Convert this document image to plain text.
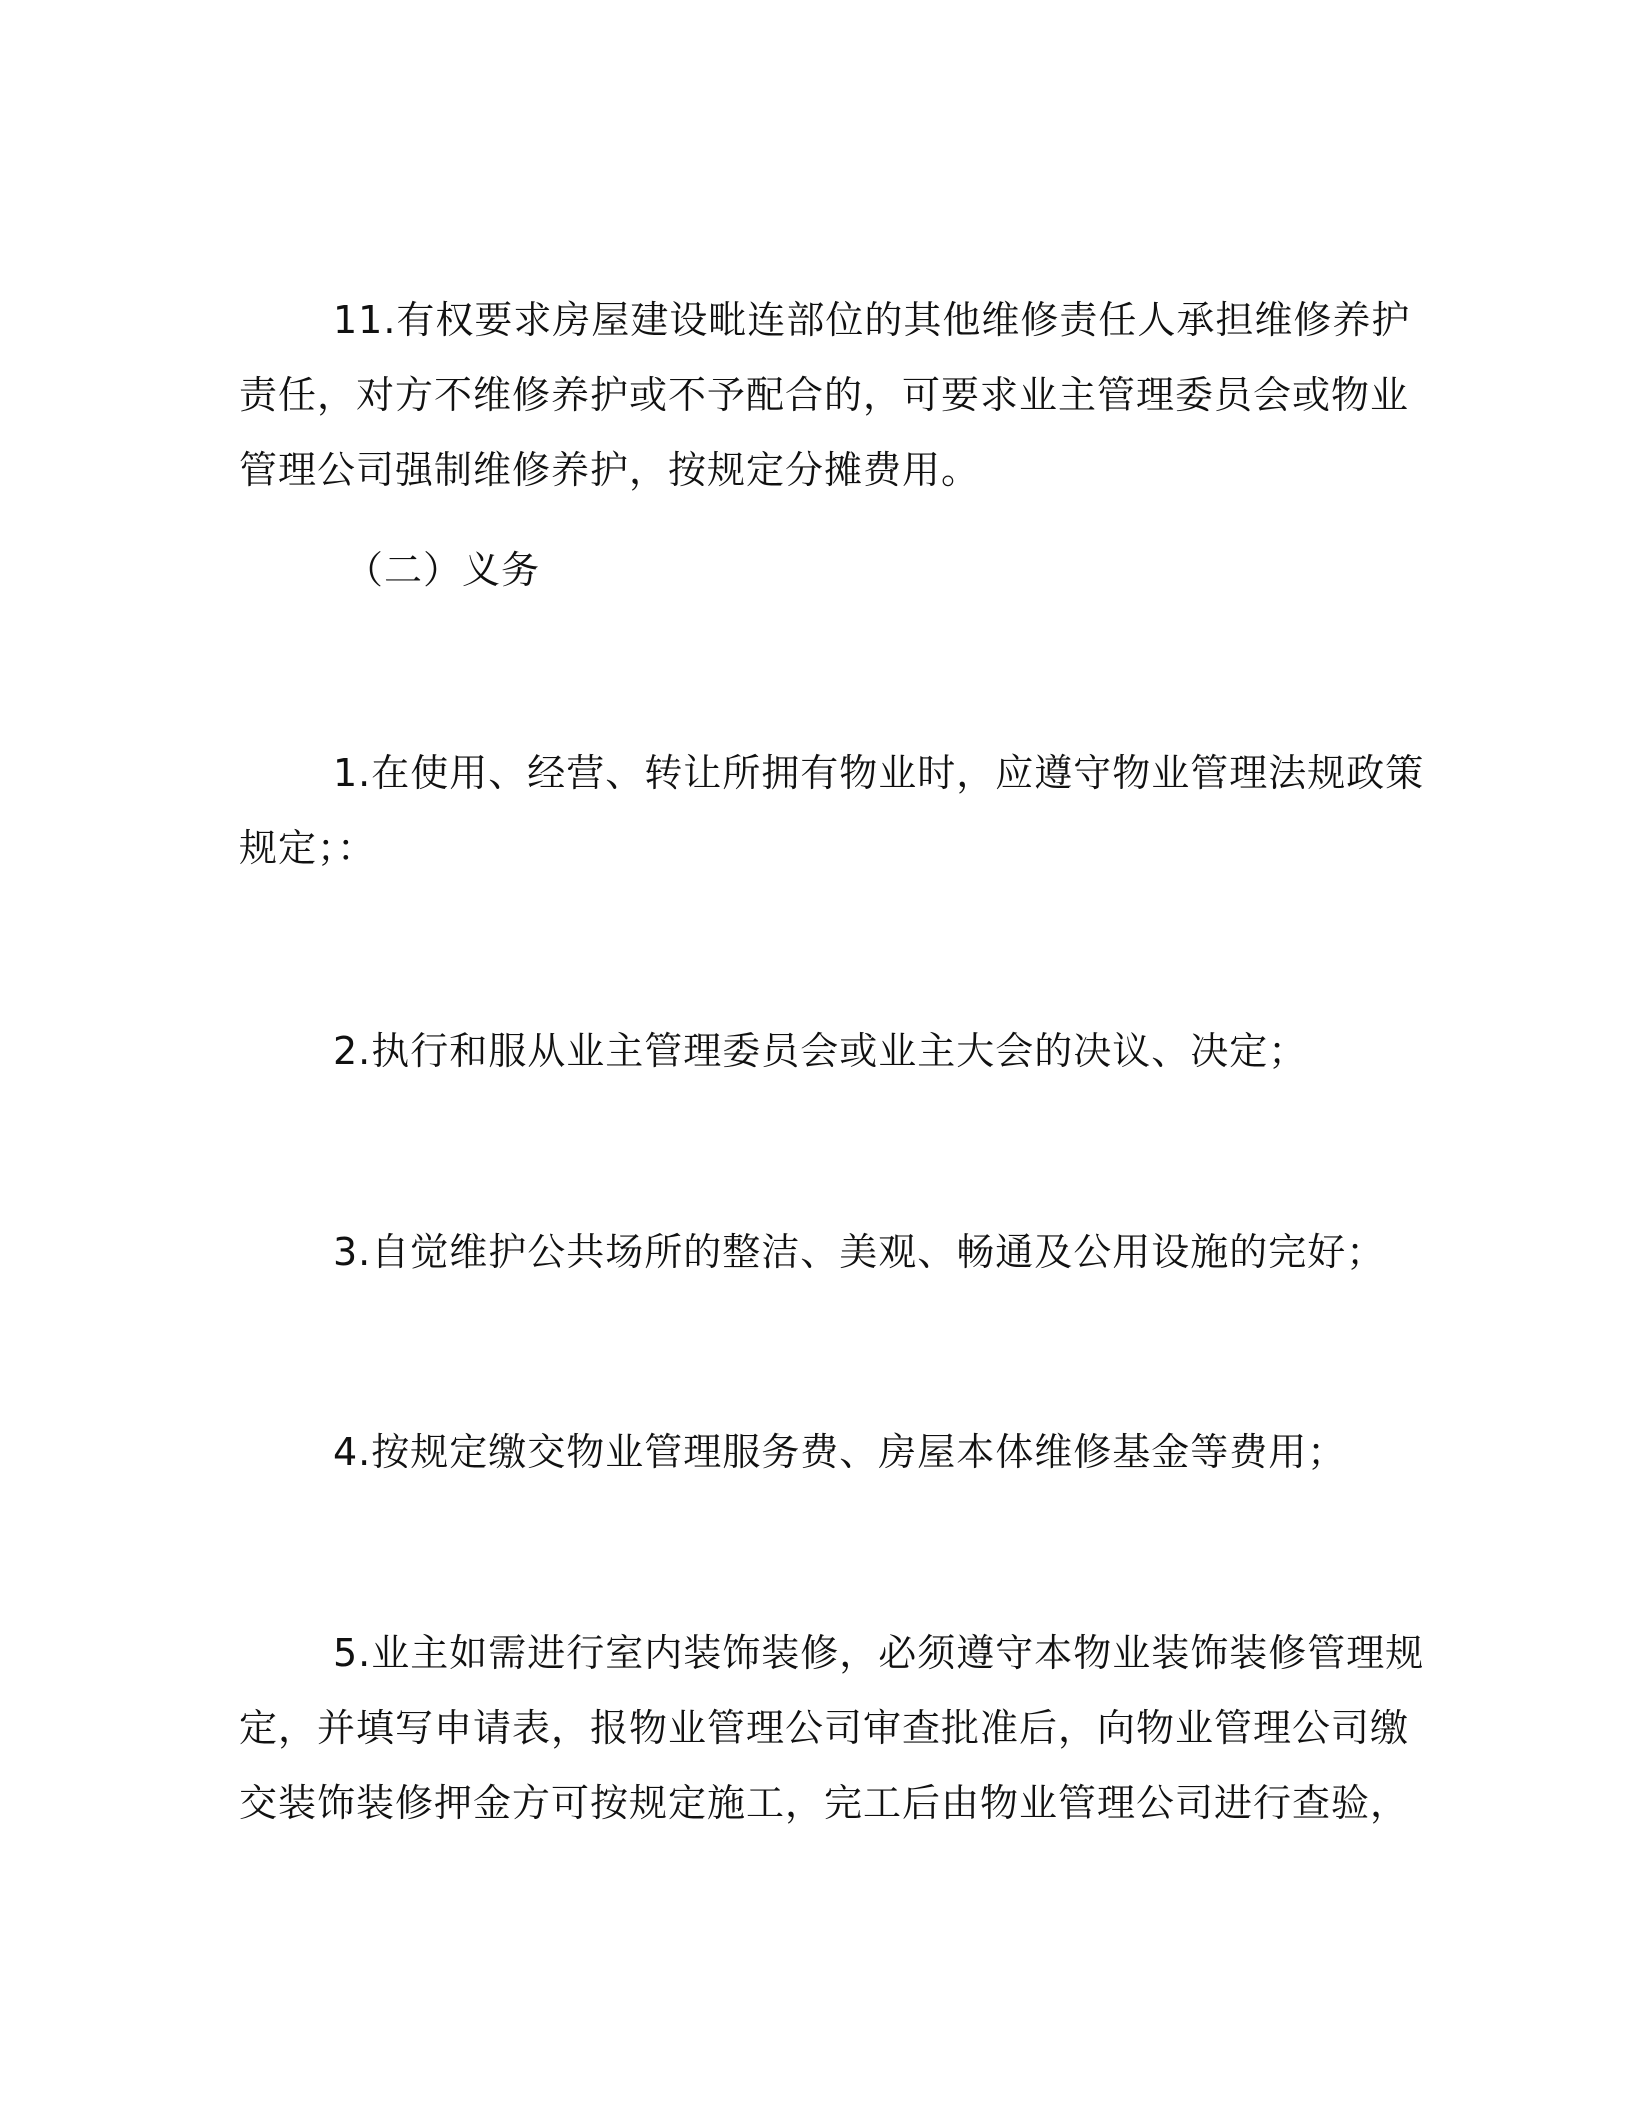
11.有权要求房屋建设毗连部位的其他维修责任人承担维修养护
责任，对方不维修养护或不予配合的，可要求业主管理委员会或物业
管理公司强制维修养护，按规定分摊费用。
（二）义务
1.在使用、经营、转让所拥有物业时，应遵守物业管理法规政策
规定；：
2.执行和服从业主管理委员会或业主大会的决议、决定；
3.自觉维护公共场所的整洁、美观、畅通及公用设施的完好；
4.按规定缴交物业管理服务费、房屋本体维修基金等费用；
5.业主如需进行室内装饰装修，必须遵守本物业装饰装修管理规
定，并填写申请表，报物业管理公司审查批准后，向物业管理公司缴
交装饰装修押金方可按规定施工，完工后由物业管理公司进行查验，
